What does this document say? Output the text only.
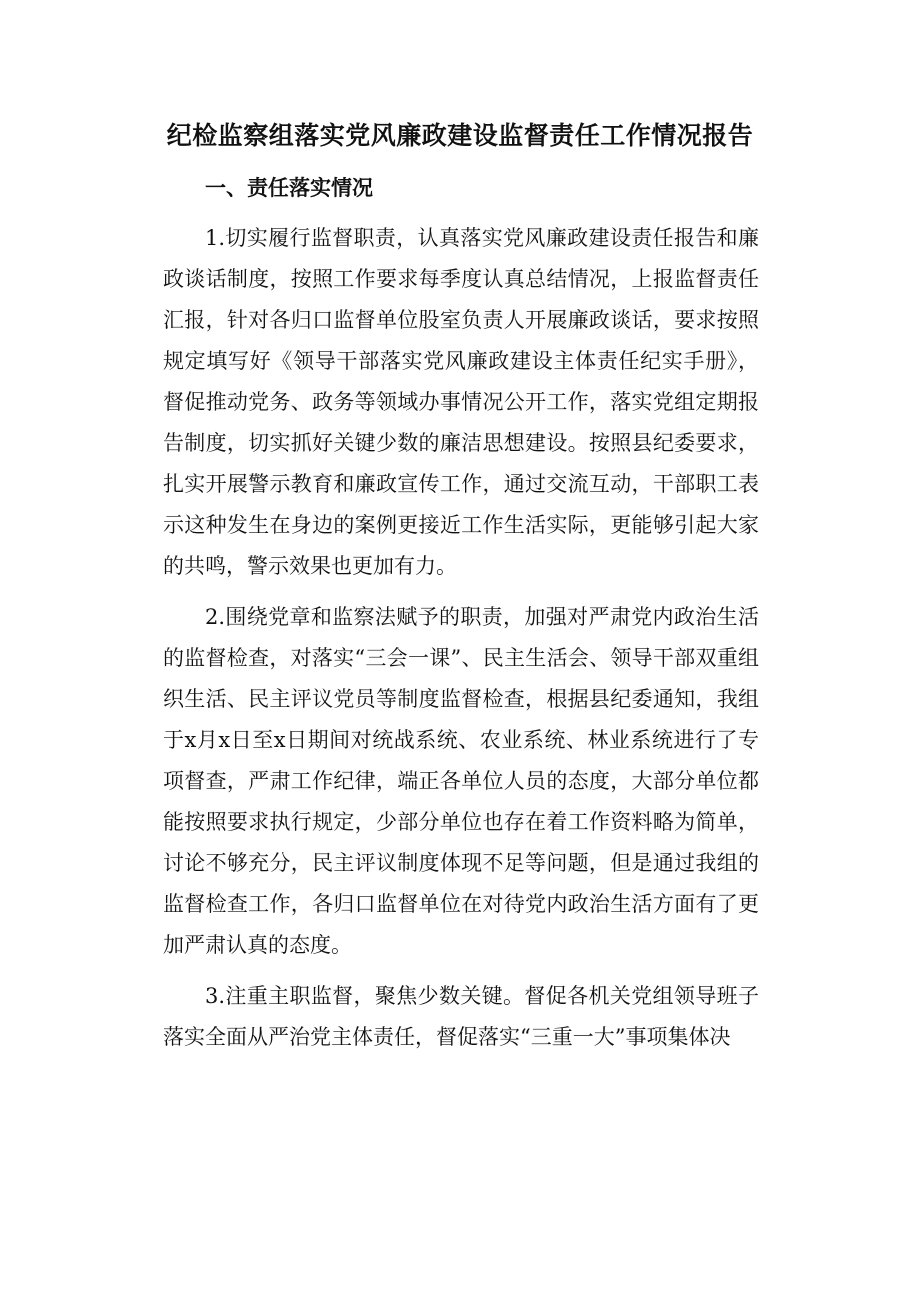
纪检监察组落实党风廉政建设监督责任工作情况报告
一、责任落实情况

1.切实履行监督职责，认真落实党风廉政建设责任报告和廉政谈话制度，按照工作要求每季度认真总结情况，上报监督责任汇报，针对各归口监督单位股室负责人开展廉政谈话，要求按照规定填写好《领导干部落实党风廉政建设主体责任纪实手册》，督促推动党务、政务等领域办事情况公开工作，落实党组定期报告制度，切实抓好关键少数的廉洁思想建设。按照县纪委要求，扎实开展警示教育和廉政宣传工作，通过交流互动，干部职工表示这种发生在身边的案例更接近工作生活实际，更能够引起大家的共鸣，警示效果也更加有力。

2.围绕党章和监察法赋予的职责，加强对严肃党内政治生活的监督检查，对落实“三会一课”、民主生活会、领导干部双重组织生活、民主评议党员等制度监督检查，根据县纪委通知，我组于x月x日至x日期间对统战系统、农业系统、林业系统进行了专项督查，严肃工作纪律，端正各单位人员的态度，大部分单位都能按照要求执行规定，少部分单位也存在着工作资料略为简单，讨论不够充分，民主评议制度体现不足等问题，但是通过我组的监督检查工作，各归口监督单位在对待党内政治生活方面有了更加严肃认真的态度。

3.注重主职监督，聚焦少数关键。督促各机关党组领导班子落实全面从严治党主体责任，督促落实“三重一大”事项集体决
